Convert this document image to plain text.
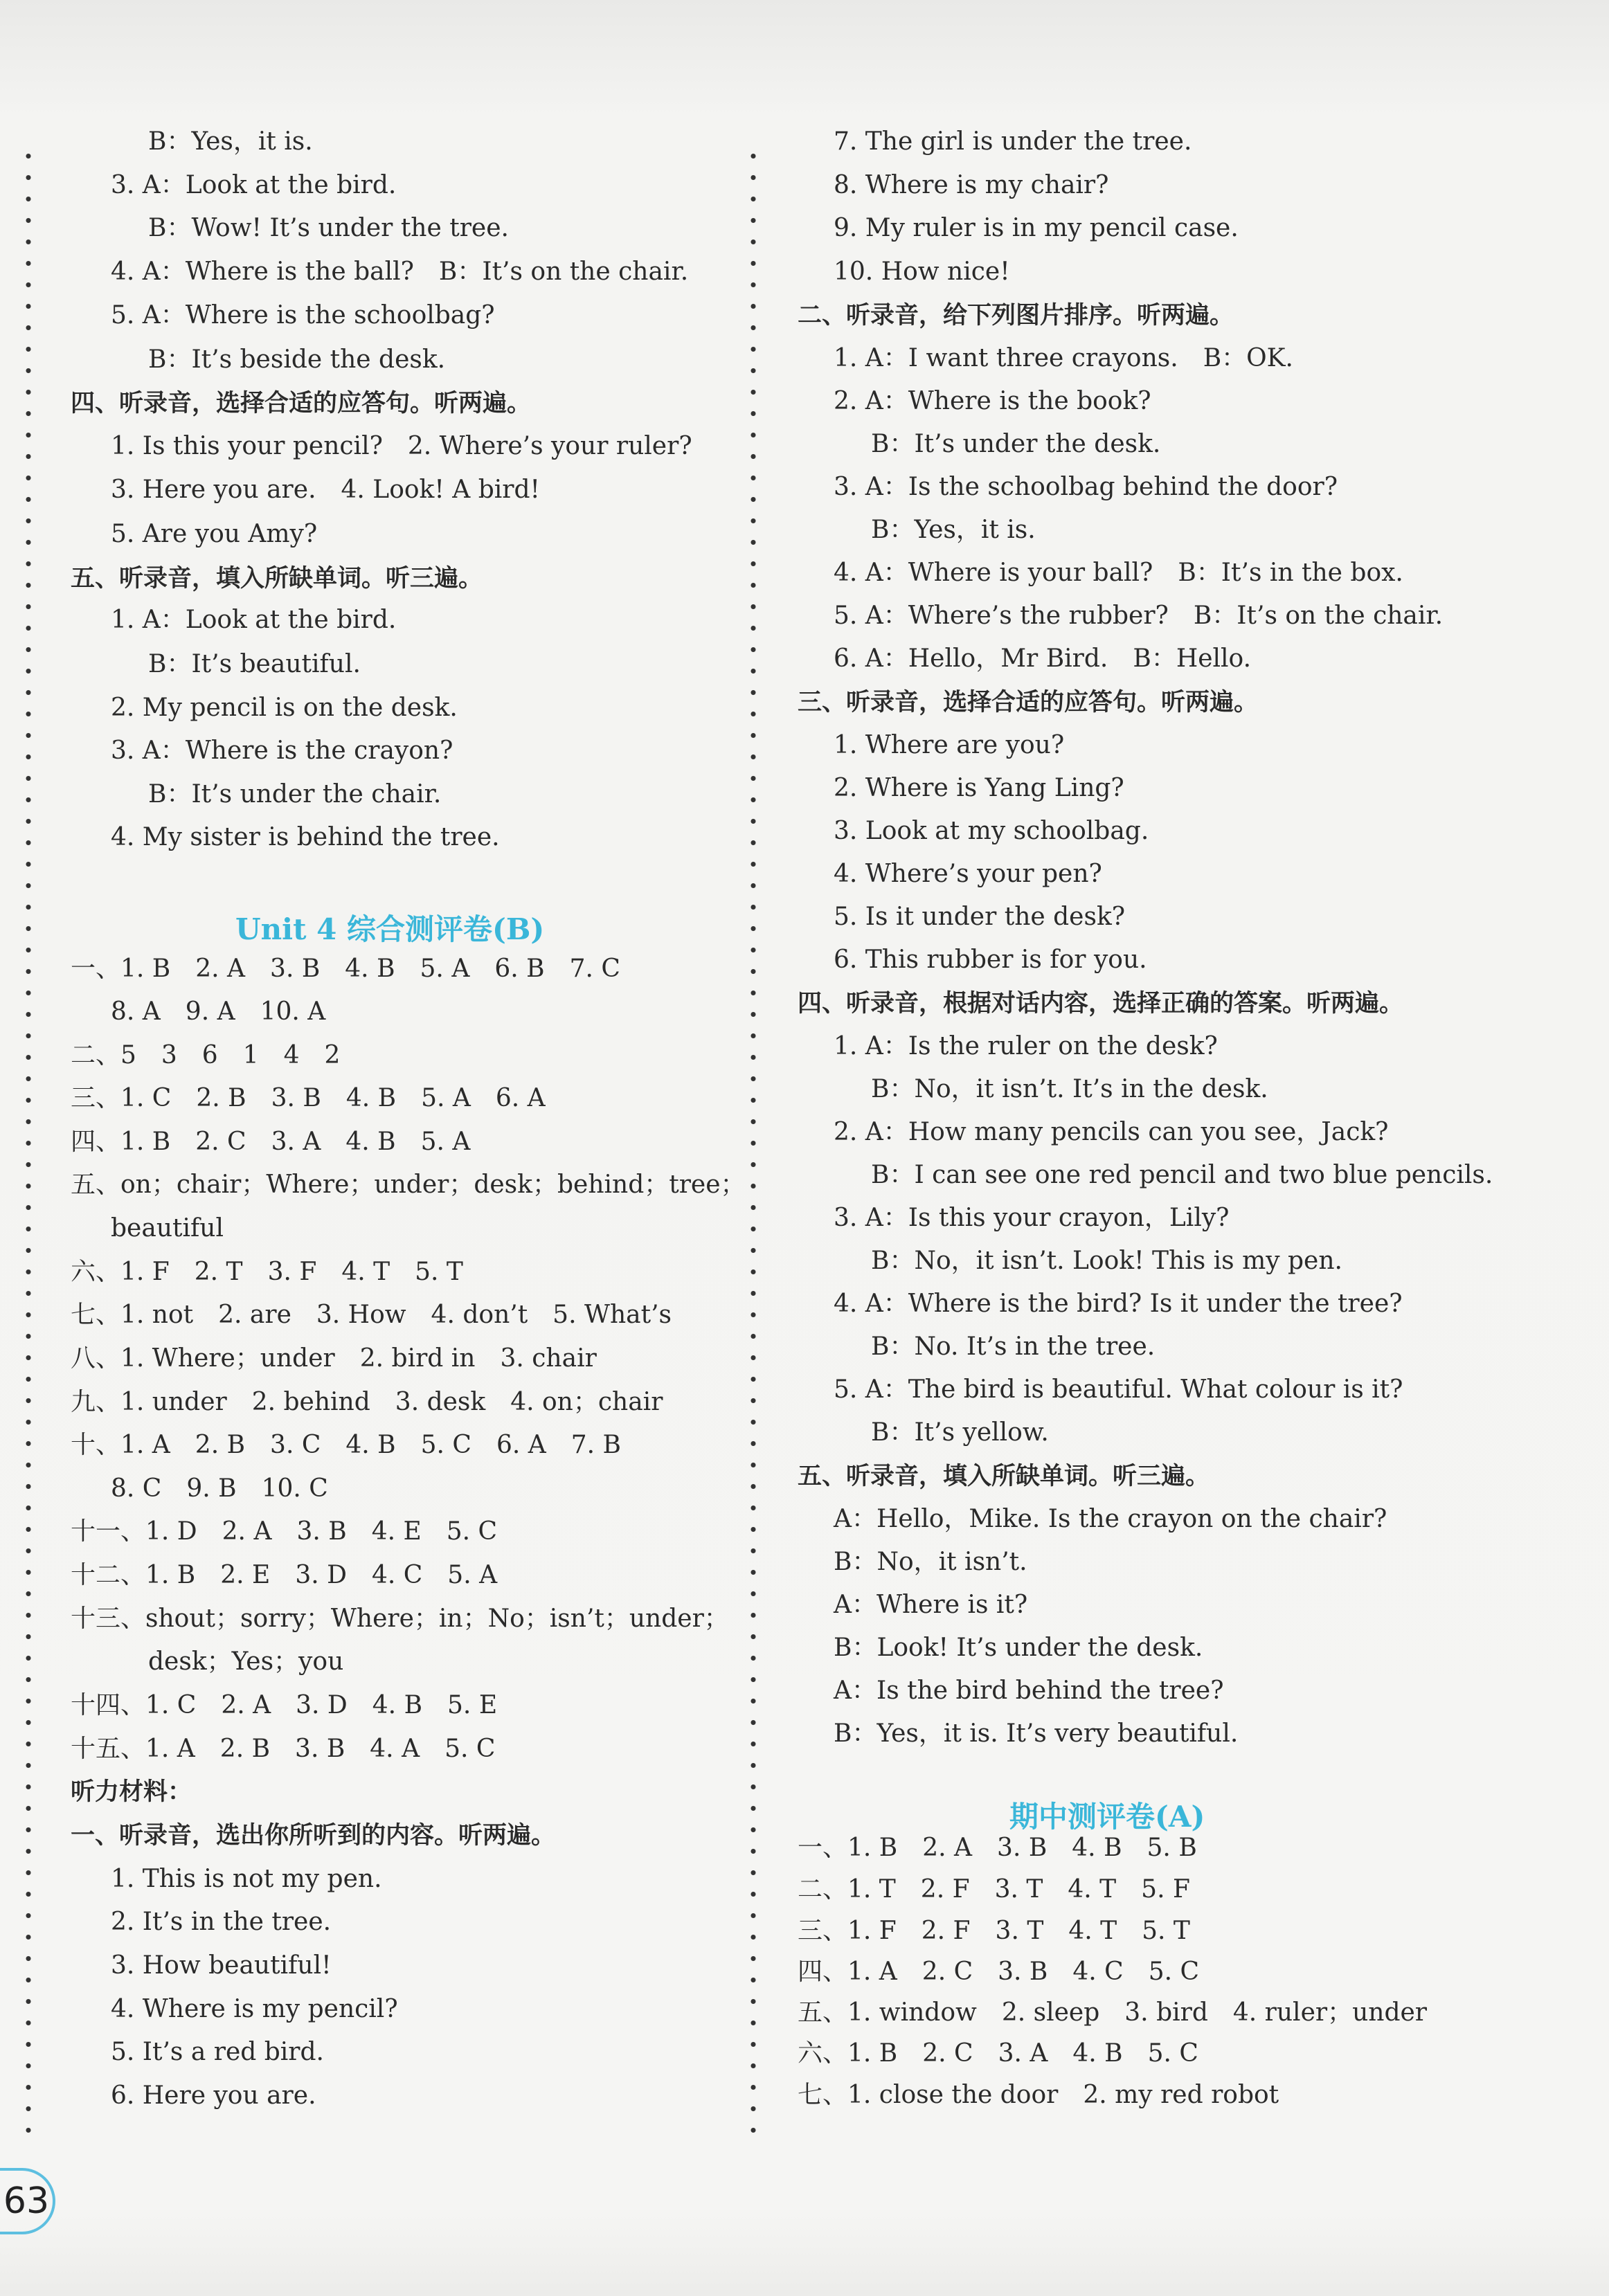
B：Yes，it is.
3. A：Look at the bird.
B：Wow! It’s under the tree.
4. A：Where is the ball?　B：It’s on the chair.
5. A：Where is the schoolbag?
B：It’s beside the desk.
四、听录音，选择合适的应答句。听两遍。
1. Is this your pencil?　2. Where’s your ruler?
3. Here you are.　4. Look! A bird!
5. Are you Amy?
五、听录音，填入所缺单词。听三遍。
1. A：Look at the bird.
B：It’s beautiful.
2. My pencil is on the desk.
3. A：Where is the crayon?
B：It’s under the chair.
4. My sister is behind the tree.
一、1. B　2. A　3. B　4. B　5. A　6. B　7. C
8. A　9. A　10. A
二、5　3　6　1　4　2
三、1. C　2. B　3. B　4. B　5. A　6. A
四、1. B　2. C　3. A　4. B　5. A
五、on；chair；Where；under；desk；behind；tree；
beautiful
六、1. F　2. T　3. F　4. T　5. T
七、1. not　2. are　3. How　4. don’t　5. What’s
八、1. Where；under　2. bird in　3. chair
九、1. under　2. behind　3. desk　4. on；chair
十、1. A　2. B　3. C　4. B　5. C　6. A　7. B
8. C　9. B　10. C
十一、1. D　2. A　3. B　4. E　5. C
十二、1. B　2. E　3. D　4. C　5. A
十三、shout；sorry；Where；in；No；isn’t；under；
desk；Yes；you
十四、1. C　2. A　3. D　4. B　5. E
十五、1. A　2. B　3. B　4. A　5. C
听力材料：
一、听录音，选出你所听到的内容。听两遍。
1. This is not my pen.
2. It’s in the tree.
3. How beautiful!
4. Where is my pencil?
5. It’s a red bird.
6. Here you are.
Unit 4 综合测评卷(B)
7. The girl is under the tree.
8. Where is my chair?
9. My ruler is in my pencil case.
10. How nice!
二、听录音，给下列图片排序。听两遍。
1. A：I want three crayons.　B：OK.
2. A：Where is the book?
B：It’s under the desk.
3. A：Is the schoolbag behind the door?
B：Yes，it is.
4. A：Where is your ball?　B：It’s in the box.
5. A：Where’s the rubber?　B：It’s on the chair.
6. A：Hello，Mr Bird.　B：Hello.
三、听录音，选择合适的应答句。听两遍。
1. Where are you?
2. Where is Yang Ling?
3. Look at my schoolbag.
4. Where’s your pen?
5. Is it under the desk?
6. This rubber is for you.
四、听录音，根据对话内容，选择正确的答案。听两遍。
1. A：Is the ruler on the desk?
B：No，it isn’t. It’s in the desk.
2. A：How many pencils can you see，Jack?
B：I can see one red pencil and two blue pencils.
3. A：Is this your crayon，Lily?
B：No，it isn’t. Look! This is my pen.
4. A：Where is the bird? Is it under the tree?
B：No. It’s in the tree.
5. A：The bird is beautiful. What colour is it?
B：It’s yellow.
五、听录音，填入所缺单词。听三遍。
A：Hello，Mike. Is the crayon on the chair?
B：No，it isn’t.
A：Where is it?
B：Look! It’s under the desk.
A：Is the bird behind the tree?
B：Yes，it is. It’s very beautiful.
一、1. B　2. A　3. B　4. B　5. B
二、1. T　2. F　3. T　4. T　5. F
三、1. F　2. F　3. T　4. T　5. T
四、1. A　2. C　3. B　4. C　5. C
五、1. window　2. sleep　3. bird　4. ruler；under
六、1. B　2. C　3. A　4. B　5. C
七、1. close the door　2. my red robot
期中测评卷(A)
63
